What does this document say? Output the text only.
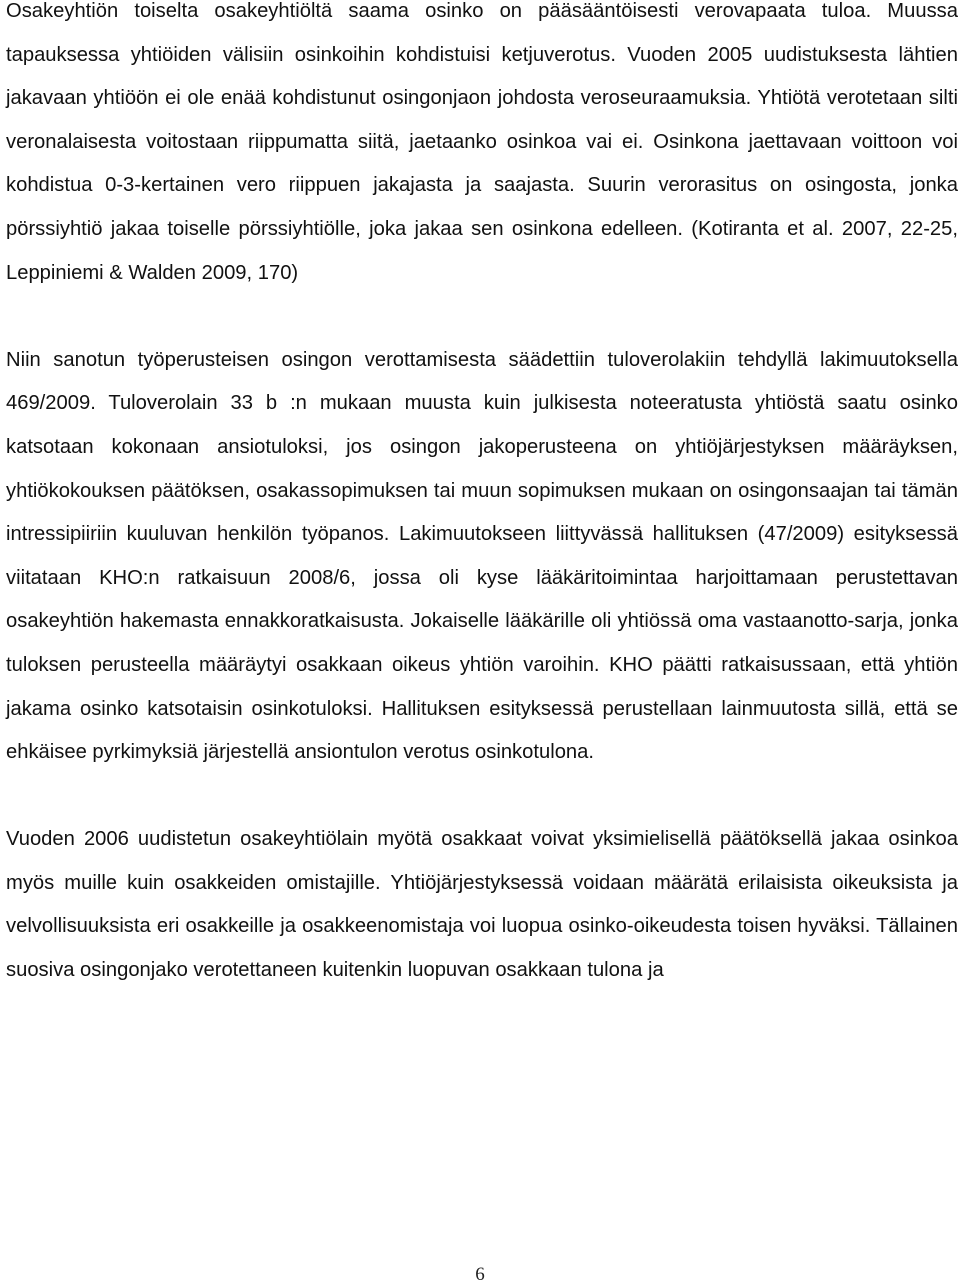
Osakeyhtiön toiselta osakeyhtiöltä saama osinko on pääsääntöisesti verovapaata tuloa. Muussa tapauksessa yhtiöiden välisiin osinkoihin kohdistuisi ketjuverotus. Vuoden 2005 uudistuksesta lähtien jakavaan yhtiöön ei ole enää kohdistunut osingonjaon johdosta veroseuraamuksia. Yhtiötä verotetaan silti veronalaisesta voitostaan riippumatta siitä, jaetaanko osinkoa vai ei. Osinkona jaettavaan voittoon voi kohdistua 0-3-kertainen vero riippuen jakajasta ja saajasta. Suurin verorasitus on osingosta, jonka pörssiyhtiö jakaa toiselle pörssiyhtiölle, joka jakaa sen osinkona edelleen. (Kotiranta et al. 2007, 22-25, Leppiniemi & Walden 2009, 170)

Niin sanotun työperusteisen osingon verottamisesta säädettiin tuloverolakiin tehdyllä lakimuutoksella 469/2009. Tuloverolain 33 b :n mukaan muusta kuin julkisesta noteeratusta yhtiöstä saatu osinko katsotaan kokonaan ansiotuloksi, jos osingon jakoperusteena on yhtiöjärjestyksen määräyksen, yhtiökokouksen päätöksen, osakassopimuksen tai muun sopimuksen mukaan on osingonsaajan tai tämän intressipiiriin kuuluvan henkilön työpanos. Lakimuutokseen liittyvässä hallituksen (47/2009) esityksessä viitataan KHO:n ratkaisuun 2008/6, jossa oli kyse lääkäritoimintaa harjoittamaan perustettavan osakeyhtiön hakemasta ennakkoratkaisusta. Jokaiselle lääkärille oli yhtiössä oma vastaanotto-sarja, jonka tuloksen perusteella määräytyi osakkaan oikeus yhtiön varoihin. KHO päätti ratkaisussaan, että yhtiön jakama osinko katsotaisin osinkotuloksi. Hallituksen esityksessä perustellaan lainmuutosta sillä, että se ehkäisee pyrkimyksiä järjestellä ansiontulon verotus osinkotulona.

Vuoden 2006 uudistetun osakeyhtiölain myötä osakkaat voivat yksimielisellä päätöksellä jakaa osinkoa myös muille kuin osakkeiden omistajille. Yhtiöjärjestyksessä voidaan määrätä erilaisista oikeuksista ja velvollisuuksista eri osakkeille ja osakkeenomistaja voi luopua osinko-oikeudesta toisen hyväksi. Tällainen suosiva osingonjako verotettaneen kuitenkin luopuvan osakkaan tulona ja

6
